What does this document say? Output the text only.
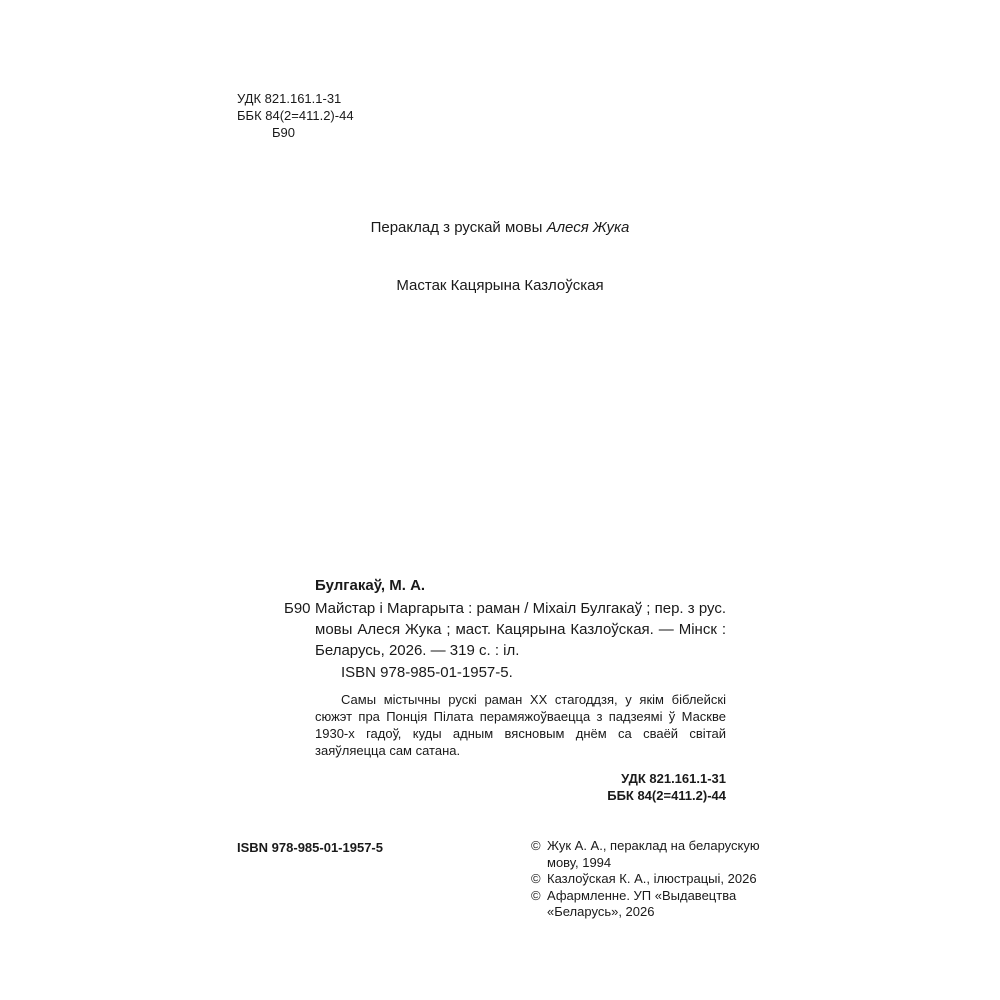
УДК 821.161.1-31
ББК 84(2=411.2)-44
Б90
Пераклад з рускай мовы Алеся Жука
Мастак Кацярына Казлоўская
Булгакаў, М. А.
Б90 Майстар і Маргарыта : раман / Міхаіл Булгакаў ; пер. з рус. мовы Алеся Жука ; маст. Кацярына Казлоўская. — Мінск : Беларусь, 2026. — 319 с. : іл.
ISBN 978-985-01-1957-5.
Самы містычны рускі раман XX стагоддзя, у якім біблейскі сюжэт пра Понція Пілата перамяжоўваецца з падзеямі ў Маскве 1930-х гадоў, куды адным вясновым днём са сваёй світай заяўляецца сам сатана.
УДК 821.161.1-31
ББК 84(2=411.2)-44
ISBN 978-985-01-1957-5	© Жук А. А., пераклад на беларускую мову, 1994
© Казлоўская К. А., ілюстрацыі, 2026
© Афармленне. УП «Выдавецтва «Беларусь», 2026
